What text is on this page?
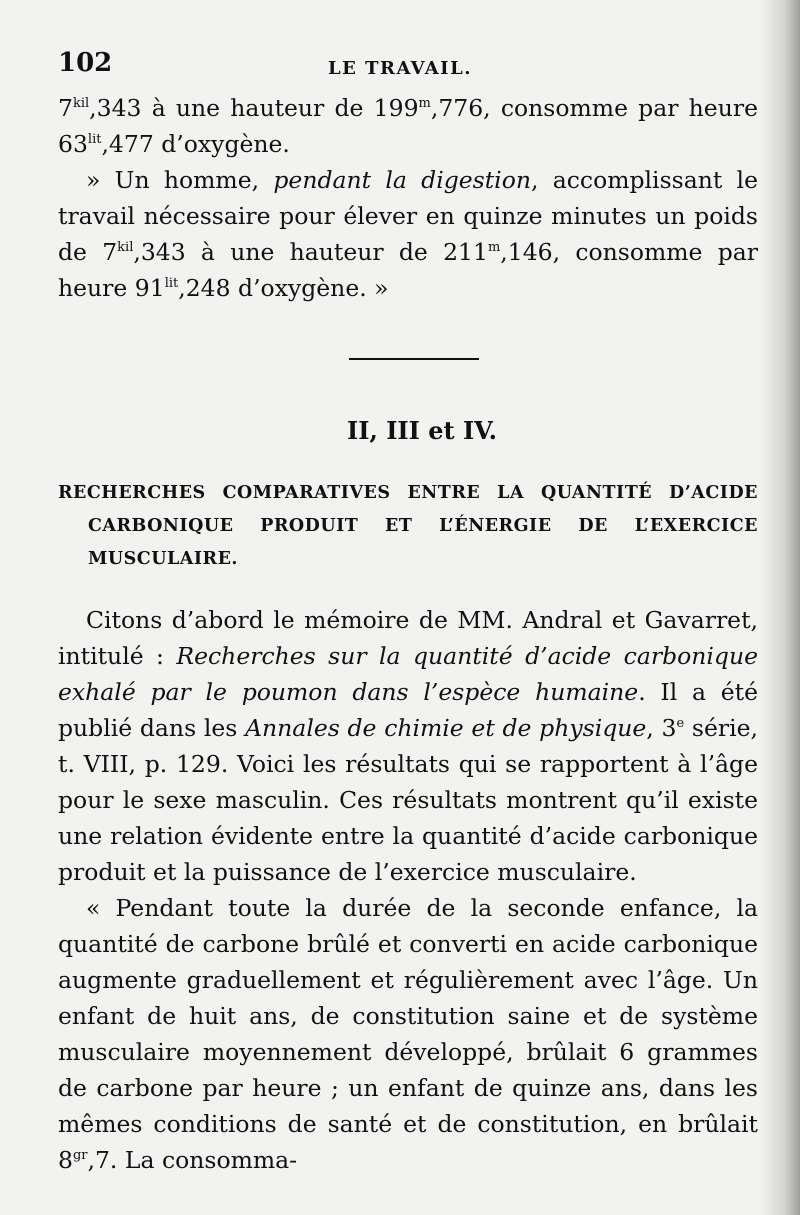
102	LE TRAVAIL.

$7^{kil},343$ à une hauteur de 199$^m$,776, consomme par heure $63^{lit},477$ d’oxygène.

» Un homme, pendant la digestion, accomplissant le travail nécessaire pour élever en quinze minutes un poids de $7^{kil},343$ à une hauteur de 211$^m$,146, consomme par heure $91^{lit},248$ d’oxygène. »

II, III et IV.

RECHERCHES COMPARATIVES ENTRE LA QUANTITÉ D’ACIDE CARBONIQUE PRODUIT ET L’ÉNERGIE DE L’EXERCICE MUSCULAIRE.

Citons d’abord le mémoire de MM. Andral et Gavarret, intitulé : Recherches sur la quantité d’acide carbonique exhalé par le poumon dans l’espèce humaine. Il a été publié dans les Annales de chimie et de physique, 3e série, t. VIII, p. 129. Voici les résultats qui se rapportent à l’âge pour le sexe masculin. Ces résultats montrent qu’il existe une relation évidente entre la quantité d’acide carbonique produit et la puissance de l’exercice musculaire.

« Pendant toute la durée de la seconde enfance, la quantité de carbone brûlé et converti en acide carbonique augmente graduellement et régulièrement avec l’âge. Un enfant de huit ans, de constitution saine et de système musculaire moyennement développé, brûlait 6 grammes de carbone par heure ; un enfant de quinze ans, dans les mêmes conditions de santé et de constitution, en brûlait $8^{gr},7$. La consomma-
